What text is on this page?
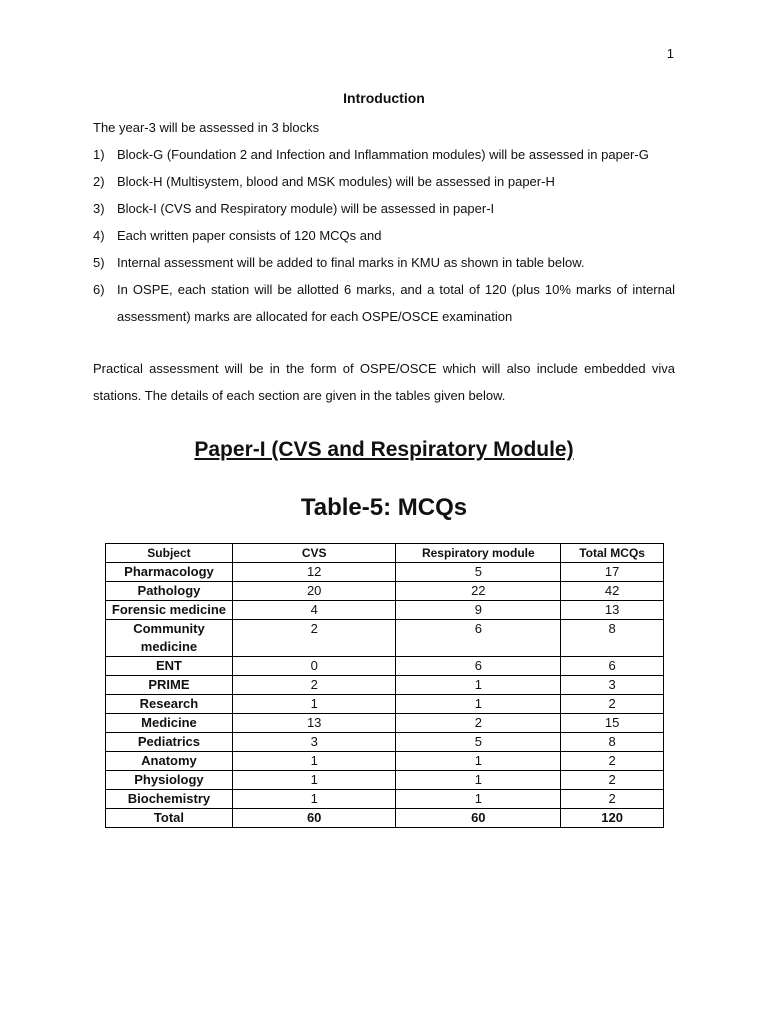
1
Introduction
The year-3 will be assessed in 3 blocks
1) Block-G (Foundation 2 and Infection and Inflammation modules) will be assessed in paper-G
2) Block-H (Multisystem, blood and MSK modules) will be assessed in paper-H
3) Block-I (CVS and Respiratory module) will be assessed in paper-I
4) Each written paper consists of 120 MCQs and
5) Internal assessment will be added to final marks in KMU as shown in table below.
6) In OSPE, each station will be allotted 6 marks, and a total of 120 (plus 10% marks of internal assessment) marks are allocated for each OSPE/OSCE examination
Practical assessment will be in the form of OSPE/OSCE which will also include embedded viva stations. The details of each section are given in the tables given below.
Paper-I (CVS and Respiratory Module)
Table-5: MCQs
Subject	CVS	Respiratory module	Total MCQs
Pharmacology	12	5	17
Pathology	20	22	42
Forensic medicine	4	9	13
Community medicine	2	6	8
ENT	0	6	6
PRIME	2	1	3
Research	1	1	2
Medicine	13	2	15
Pediatrics	3	5	8
Anatomy	1	1	2
Physiology	1	1	2
Biochemistry	1	1	2
Total	60	60	120
